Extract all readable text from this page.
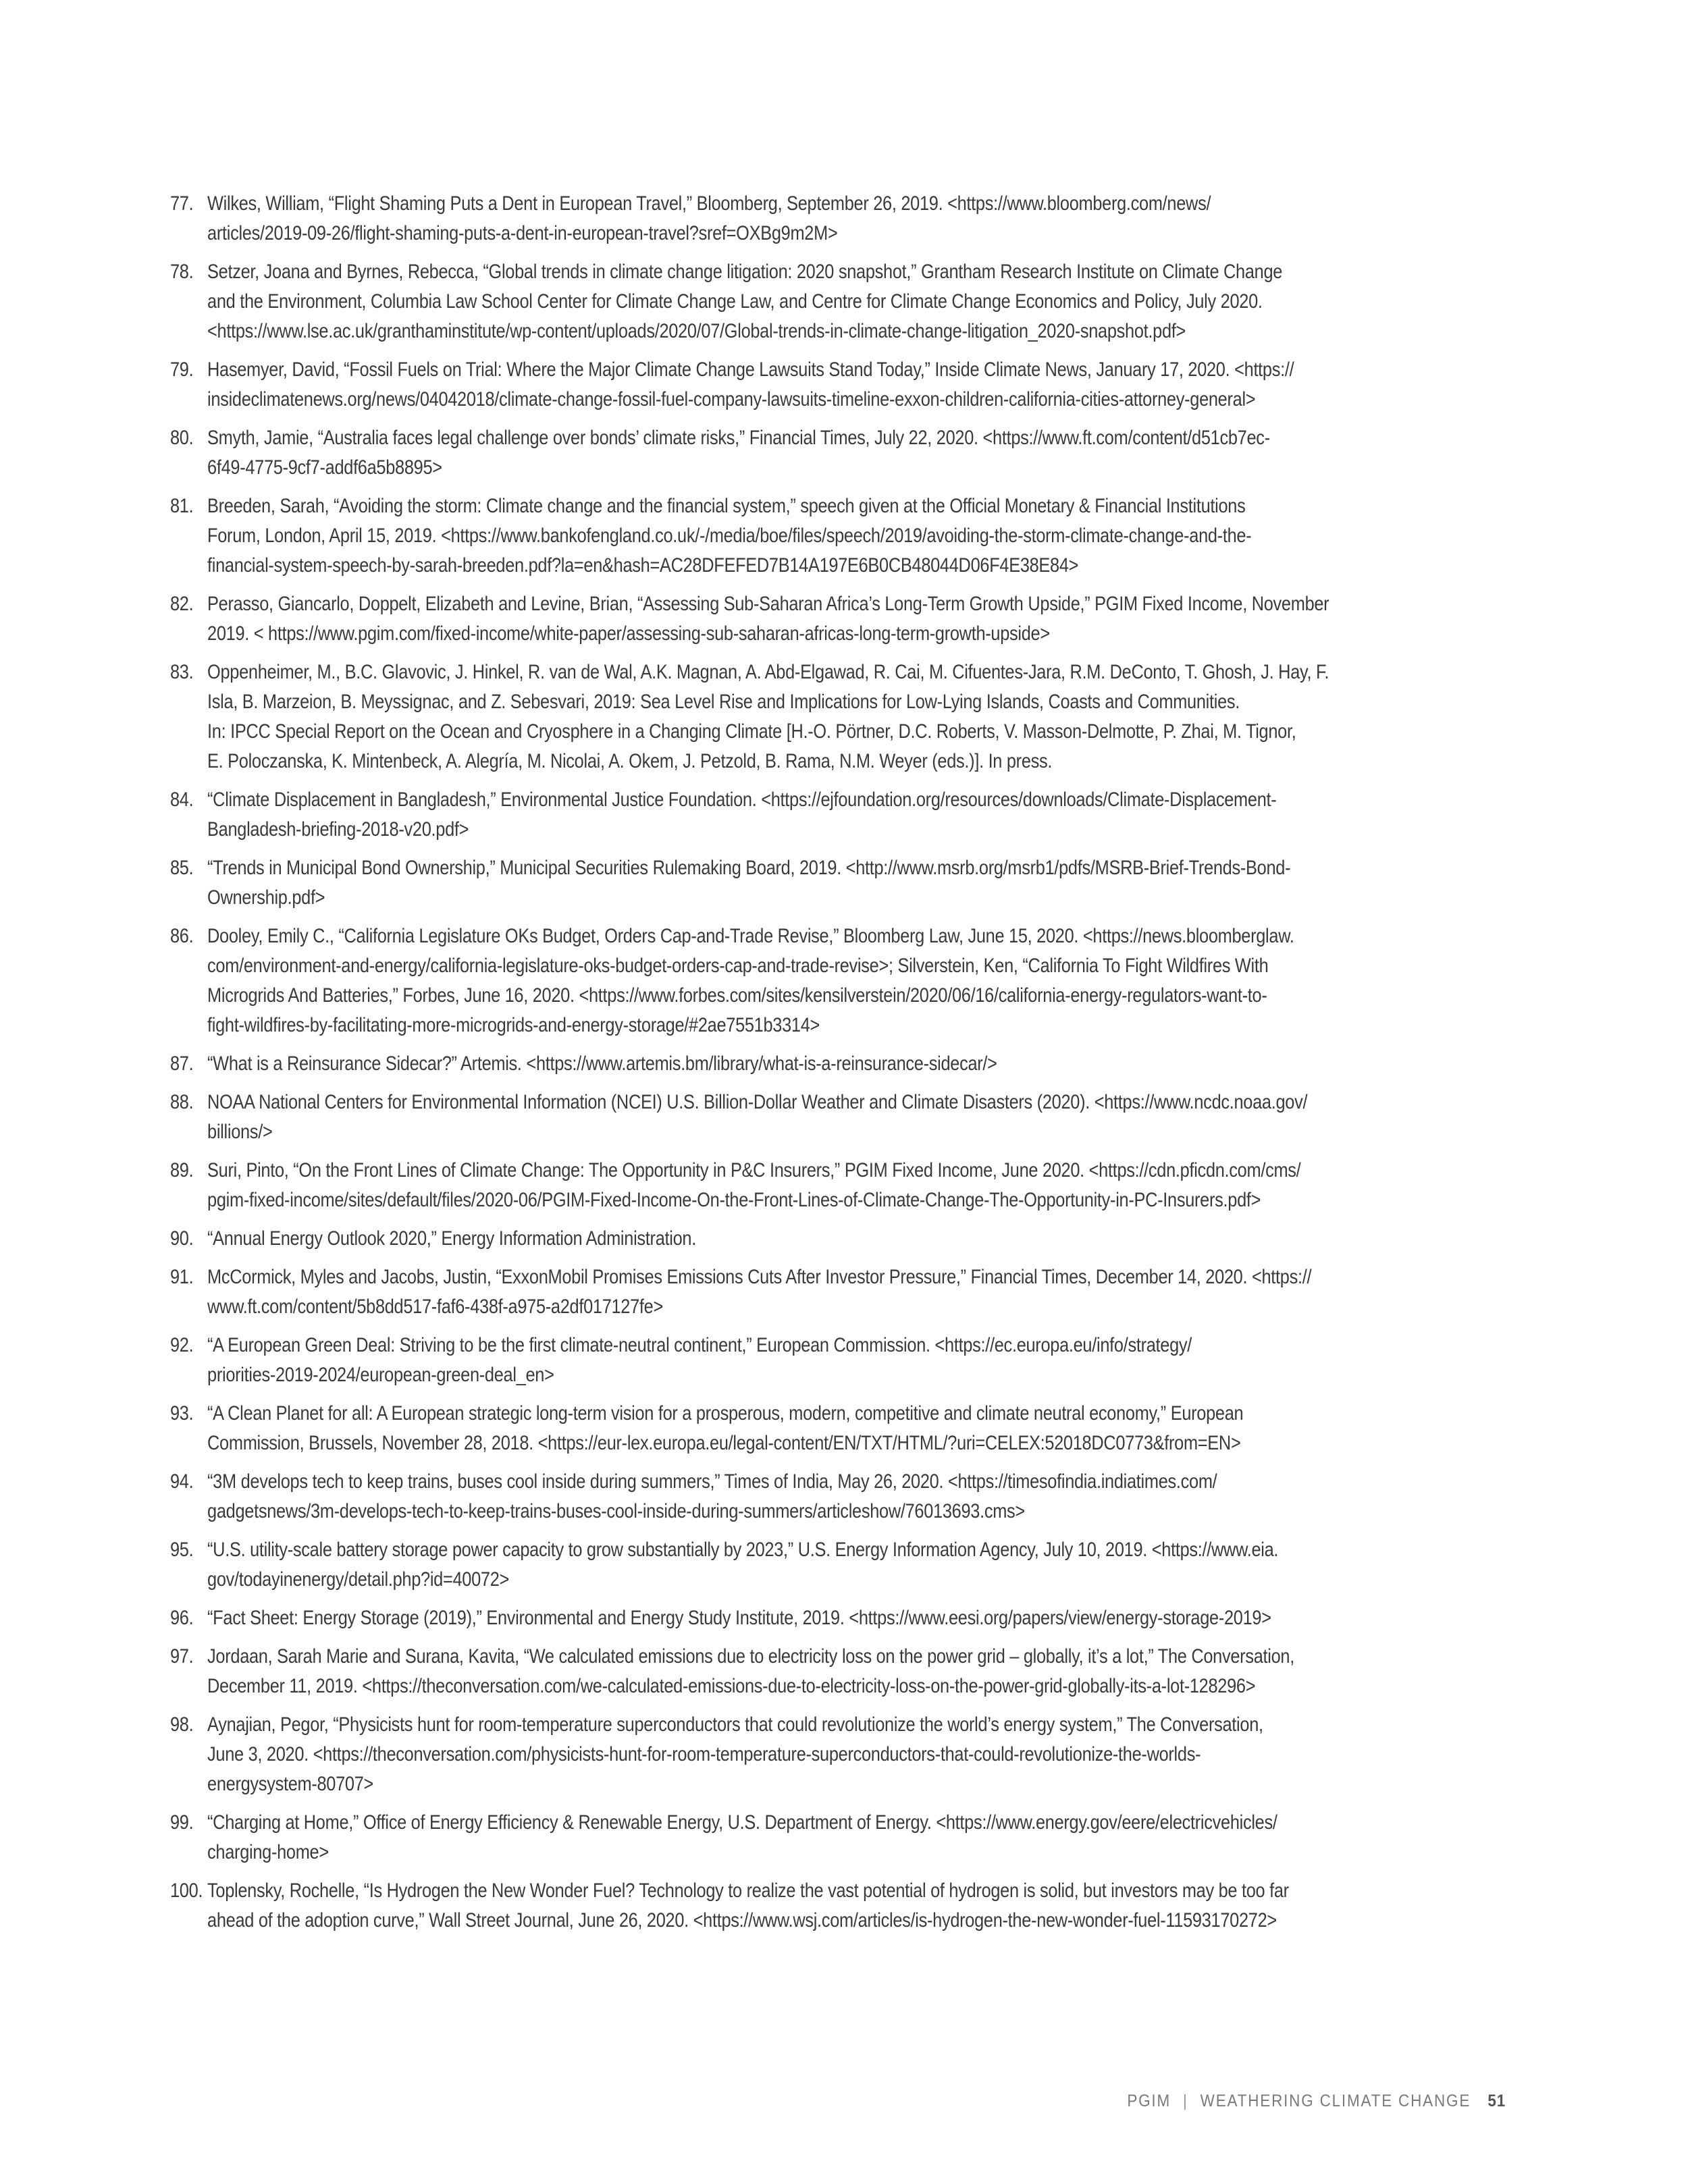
77. Wilkes, William, “Flight Shaming Puts a Dent in European Travel,” Bloomberg, September 26, 2019. <https://www.bloomberg.com/news/
articles/2019-09-26/flight-shaming-puts-a-dent-in-european-travel?sref=OXBg9m2M>
78. Setzer, Joana and Byrnes, Rebecca, “Global trends in climate change litigation: 2020 snapshot,” Grantham Research Institute on Climate Change
and the Environment, Columbia Law School Center for Climate Change Law, and Centre for Climate Change Economics and Policy, July 2020.
<https://www.lse.ac.uk/granthaminstitute/wp-content/uploads/2020/07/Global-trends-in-climate-change-litigation_2020-snapshot.pdf>
79. Hasemyer, David, “Fossil Fuels on Trial: Where the Major Climate Change Lawsuits Stand Today,” Inside Climate News, January 17, 2020. <https://
insideclimatenews.org/news/04042018/climate-change-fossil-fuel-company-lawsuits-timeline-exxon-children-california-cities-attorney-general>
80. Smyth, Jamie, “Australia faces legal challenge over bonds’ climate risks,” Financial Times, July 22, 2020. <https://www.ft.com/content/d51cb7ec-
6f49-4775-9cf7-addf6a5b8895>
81. Breeden, Sarah, “Avoiding the storm: Climate change and the financial system,” speech given at the Official Monetary & Financial Institutions
Forum, London, April 15, 2019. <https://www.bankofengland.co.uk/-/media/boe/files/speech/2019/avoiding-the-storm-climate-change-and-the-
financial-system-speech-by-sarah-breeden.pdf?la=en&hash=AC28DFEFED7B14A197E6B0CB48044D06F4E38E84>
82. Perasso, Giancarlo, Doppelt, Elizabeth and Levine, Brian, “Assessing Sub-Saharan Africa’s Long-Term Growth Upside,” PGIM Fixed Income, November
2019. < https://www.pgim.com/fixed-income/white-paper/assessing-sub-saharan-africas-long-term-growth-upside>
83. Oppenheimer, M., B.C. Glavovic, J. Hinkel, R. van de Wal, A.K. Magnan, A. Abd-Elgawad, R. Cai, M. Cifuentes-Jara, R.M. DeConto, T. Ghosh, J. Hay, F.
Isla, B. Marzeion, B. Meyssignac, and Z. Sebesvari, 2019: Sea Level Rise and Implications for Low-Lying Islands, Coasts and Communities.
In: IPCC Special Report on the Ocean and Cryosphere in a Changing Climate [H.-O. Pörtner, D.C. Roberts, V. Masson-Delmotte, P. Zhai, M. Tignor,
E. Poloczanska, K. Mintenbeck, A. Alegría, M. Nicolai, A. Okem, J. Petzold, B. Rama, N.M. Weyer (eds.)]. In press.
84. “Climate Displacement in Bangladesh,” Environmental Justice Foundation. <https://ejfoundation.org/resources/downloads/Climate-Displacement-
Bangladesh-briefing-2018-v20.pdf>
85. “Trends in Municipal Bond Ownership,” Municipal Securities Rulemaking Board, 2019. <http://www.msrb.org/msrb1/pdfs/MSRB-Brief-Trends-Bond-
Ownership.pdf>
86. Dooley, Emily C., “California Legislature OKs Budget, Orders Cap-and-Trade Revise,” Bloomberg Law, June 15, 2020. <https://news.bloomberglaw.
com/environment-and-energy/california-legislature-oks-budget-orders-cap-and-trade-revise>; Silverstein, Ken, “California To Fight Wildfires With
Microgrids And Batteries,” Forbes, June 16, 2020. <https://www.forbes.com/sites/kensilverstein/2020/06/16/california-energy-regulators-want-to-
fight-wildfires-by-facilitating-more-microgrids-and-energy-storage/#2ae7551b3314>
87. “What is a Reinsurance Sidecar?” Artemis. <https://www.artemis.bm/library/what-is-a-reinsurance-sidecar/>
88. NOAA National Centers for Environmental Information (NCEI) U.S. Billion-Dollar Weather and Climate Disasters (2020). <https://www.ncdc.noaa.gov/
billions/>
89. Suri, Pinto, “On the Front Lines of Climate Change: The Opportunity in P&C Insurers,” PGIM Fixed Income, June 2020. <https://cdn.pficdn.com/cms/
pgim-fixed-income/sites/default/files/2020-06/PGIM-Fixed-Income-On-the-Front-Lines-of-Climate-Change-The-Opportunity-in-PC-Insurers.pdf>
90. “Annual Energy Outlook 2020,” Energy Information Administration.
91. McCormick, Myles and Jacobs, Justin, “ExxonMobil Promises Emissions Cuts After Investor Pressure,” Financial Times, December 14, 2020. <https://
www.ft.com/content/5b8dd517-faf6-438f-a975-a2df017127fe>
92. “A European Green Deal: Striving to be the first climate-neutral continent,” European Commission. <https://ec.europa.eu/info/strategy/
priorities-2019-2024/european-green-deal_en>
93. “A Clean Planet for all: A European strategic long-term vision for a prosperous, modern, competitive and climate neutral economy,” European
Commission, Brussels, November 28, 2018. <https://eur-lex.europa.eu/legal-content/EN/TXT/HTML/?uri=CELEX:52018DC0773&from=EN>
94. “3M develops tech to keep trains, buses cool inside during summers,” Times of India, May 26, 2020. <https://timesofindia.indiatimes.com/
gadgetsnews/3m-develops-tech-to-keep-trains-buses-cool-inside-during-summers/articleshow/76013693.cms>
95. “U.S. utility-scale battery storage power capacity to grow substantially by 2023,” U.S. Energy Information Agency, July 10, 2019. <https://www.eia.
gov/todayinenergy/detail.php?id=40072>
96. “Fact Sheet: Energy Storage (2019),” Environmental and Energy Study Institute, 2019. <https://www.eesi.org/papers/view/energy-storage-2019>
97. Jordaan, Sarah Marie and Surana, Kavita, “We calculated emissions due to electricity loss on the power grid – globally, it’s a lot,” The Conversation,
December 11, 2019. <https://theconversation.com/we-calculated-emissions-due-to-electricity-loss-on-the-power-grid-globally-its-a-lot-128296>
98. Aynajian, Pegor, “Physicists hunt for room-temperature superconductors that could revolutionize the world’s energy system,” The Conversation,
June 3, 2020. <https://theconversation.com/physicists-hunt-for-room-temperature-superconductors-that-could-revolutionize-the-worlds-
energysystem-80707>
99. “Charging at Home,” Office of Energy Efficiency & Renewable Energy, U.S. Department of Energy. <https://www.energy.gov/eere/electricvehicles/
charging-home>
100. Toplensky, Rochelle, “Is Hydrogen the New Wonder Fuel? Technology to realize the vast potential of hydrogen is solid, but investors may be too far
ahead of the adoption curve,” Wall Street Journal, June 26, 2020. <https://www.wsj.com/articles/is-hydrogen-the-new-wonder-fuel-11593170272>
PGIM | WEATHERING CLIMATE CHANGE 51
